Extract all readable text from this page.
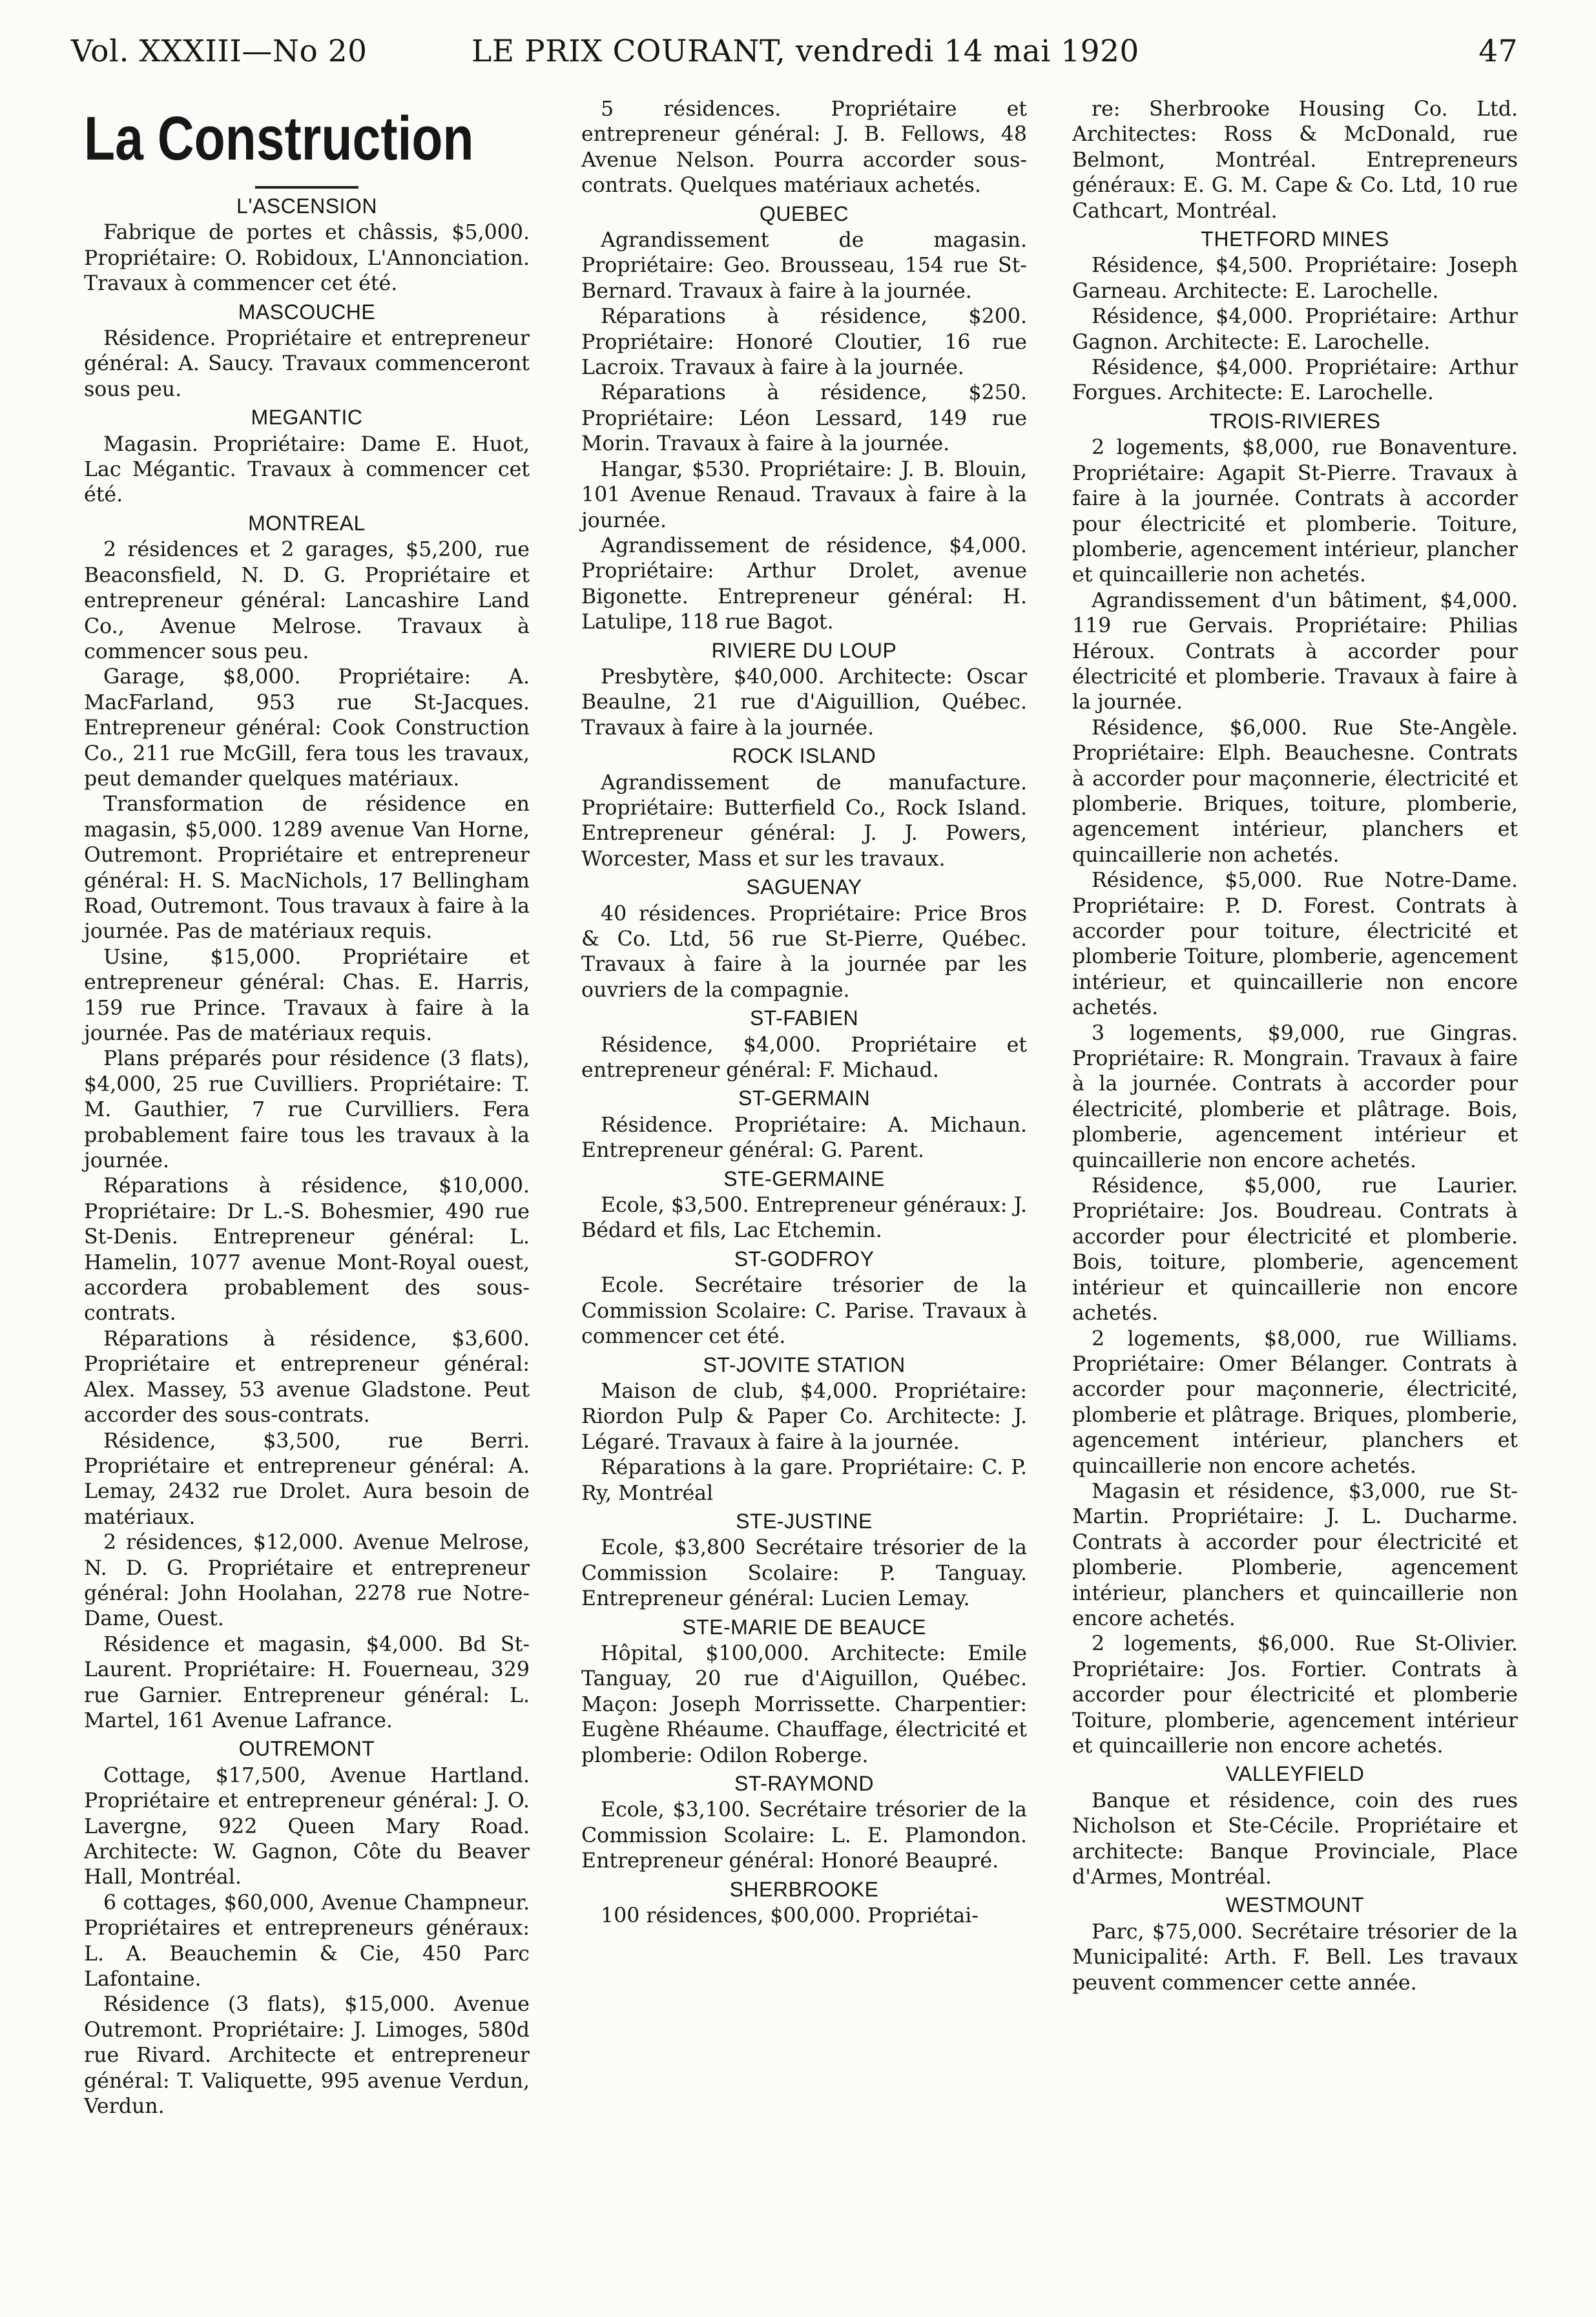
Vol. XXXIII—No 20	LE PRIX COURANT, vendredi 14 mai 1920	47
La Construction
L'ASCENSION

Fabrique de portes et châssis, $5,000. Propriétaire: O. Robidoux, L'Annonciation. Travaux à commencer cet été.

MASCOUCHE

Résidence. Propriétaire et entrepreneur général: A. Saucy. Travaux commenceront sous peu.

MEGANTIC

Magasin. Propriétaire: Dame E. Huot, Lac Mégantic. Travaux à commencer cet été.

MONTREAL

2 résidences et 2 garages, $5,200, rue Beaconsfield, N. D. G. Propriétaire et entrepreneur général: Lancashire Land Co., Avenue Melrose. Travaux à commencer sous peu.

Garage, $8,000. Propriétaire: A. MacFarland, 953 rue St-Jacques. Entrepreneur général: Cook Construction Co., 211 rue McGill, fera tous les travaux, peut demander quelques matériaux.

Transformation de résidence en magasin, $5,000. 1289 avenue Van Horne, Outremont. Propriétaire et entrepreneur général: H. S. MacNichols, 17 Bellingham Road, Outremont. Tous travaux à faire à la journée. Pas de matériaux requis.

Usine, $15,000. Propriétaire et entrepreneur général: Chas. E. Harris, 159 rue Prince. Travaux à faire à la journée. Pas de matériaux requis.

Plans préparés pour résidence (3 flats), $4,000, 25 rue Cuvilliers. Propriétaire: T. M. Gauthier, 7 rue Curvilliers. Fera probablement faire tous les travaux à la journée.

Réparations à résidence, $10,000. Propriétaire: Dr L.-S. Bohesmier, 490 rue St-Denis. Entrepreneur général: L. Hamelin, 1077 avenue Mont-Royal ouest, accordera probablement des sous-contrats.

Réparations à résidence, $3,600. Propriétaire et entrepreneur général: Alex. Massey, 53 avenue Gladstone. Peut accorder des sous-contrats.

Résidence, $3,500, rue Berri. Propriétaire et entrepreneur général: A. Lemay, 2432 rue Drolet. Aura besoin de matériaux.

2 résidences, $12,000. Avenue Melrose, N. D. G. Propriétaire et entrepreneur général: John Hoolahan, 2278 rue Notre-Dame, Ouest.

Résidence et magasin, $4,000. Bd St-Laurent. Propriétaire: H. Fouerneau, 329 rue Garnier. Entrepreneur général: L. Martel, 161 Avenue Lafrance.

OUTREMONT

Cottage, $17,500, Avenue Hartland. Propriétaire et entrepreneur général: J. O. Lavergne, 922 Queen Mary Road. Architecte: W. Gagnon, Côte du Beaver Hall, Montréal.

6 cottages, $60,000, Avenue Champneur. Propriétaires et entrepreneurs généraux: L. A. Beauchemin & Cie, 450 Parc Lafontaine.

Résidence (3 flats), $15,000. Avenue Outremont. Propriétaire: J. Limoges, 580d rue Rivard. Architecte et entrepreneur général: T. Valiquette, 995 avenue Verdun, Verdun.

5 résidences. Propriétaire et entrepreneur général: J. B. Fellows, 48 Avenue Nelson. Pourra accorder sous-contrats. Quelques matériaux achetés.

QUEBEC

Agrandissement de magasin. Propriétaire: Geo. Brousseau, 154 rue St-Bernard. Travaux à faire à la journée.

Réparations à résidence, $200. Propriétaire: Honoré Cloutier, 16 rue Lacroix. Travaux à faire à la journée.

Réparations à résidence, $250. Propriétaire: Léon Lessard, 149 rue Morin. Travaux à faire à la journée.

Hangar, $530. Propriétaire: J. B. Blouin, 101 Avenue Renaud. Travaux à faire à la journée.

Agrandissement de résidence, $4,000. Propriétaire: Arthur Drolet, avenue Bigonette. Entrepreneur général: H. Latulipe, 118 rue Bagot.

RIVIERE DU LOUP

Presbytère, $40,000. Architecte: Oscar Beaulne, 21 rue d'Aiguillion, Québec. Travaux à faire à la journée.

ROCK ISLAND

Agrandissement de manufacture. Propriétaire: Butterfield Co., Rock Island. Entrepreneur général: J. J. Powers, Worcester, Mass et sur les travaux.

SAGUENAY

40 résidences. Propriétaire: Price Bros & Co. Ltd, 56 rue St-Pierre, Québec. Travaux à faire à la journée par les ouvriers de la compagnie.

ST-FABIEN

Résidence, $4,000. Propriétaire et entrepreneur général: F. Michaud.

ST-GERMAIN

Résidence. Propriétaire: A. Michaun. Entrepreneur général: G. Parent.

STE-GERMAINE

Ecole, $3,500. Entrepreneur généraux: J. Bédard et fils, Lac Etchemin.

ST-GODFROY

Ecole. Secrétaire trésorier de la Commission Scolaire: C. Parise. Travaux à commencer cet été.

ST-JOVITE STATION

Maison de club, $4,000. Propriétaire: Riordon Pulp & Paper Co. Architecte: J. Légaré. Travaux à faire à la journée.

Réparations à la gare. Propriétaire: C. P. Ry, Montréal

STE-JUSTINE

Ecole, $3,800 Secrétaire trésorier de la Commission Scolaire: P. Tanguay. Entrepreneur général: Lucien Lemay.

STE-MARIE DE BEAUCE

Hôpital, $100,000. Architecte: Emile Tanguay, 20 rue d'Aiguillon, Québec. Maçon: Joseph Morrissette. Charpentier: Eugène Rhéaume. Chauffage, électricité et plomberie: Odilon Roberge.

ST-RAYMOND

Ecole, $3,100. Secrétaire trésorier de la Commission Scolaire: L. E. Plamondon. Entrepreneur général: Honoré Beaupré.

SHERBROOKE

100 résidences, $00,000. Propriétai-

re: Sherbrooke Housing Co. Ltd. Architectes: Ross & McDonald, rue Belmont, Montréal. Entrepreneurs généraux: E. G. M. Cape & Co. Ltd, 10 rue Cathcart, Montréal.

THETFORD MINES

Résidence, $4,500. Propriétaire: Joseph Garneau. Architecte: E. Larochelle.

Résidence, $4,000. Propriétaire: Arthur Gagnon. Architecte: E. Larochelle.

Résidence, $4,000. Propriétaire: Arthur Forgues. Architecte: E. Larochelle.

TROIS-RIVIERES

2 logements, $8,000, rue Bonaventure. Propriétaire: Agapit St-Pierre. Travaux à faire à la journée. Contrats à accorder pour électricité et plomberie. Toiture, plomberie, agencement intérieur, plancher et quincaillerie non achetés.

Agrandissement d'un bâtiment, $4,000. 119 rue Gervais. Propriétaire: Philias Héroux. Contrats à accorder pour électricité et plomberie. Travaux à faire à la journée.

Résidence, $6,000. Rue Ste-Angèle. Propriétaire: Elph. Beauchesne. Contrats à accorder pour maçonnerie, électricité et plomberie. Briques, toiture, plomberie, agencement intérieur, planchers et quincaillerie non achetés.

Résidence, $5,000. Rue Notre-Dame. Propriétaire: P. D. Forest. Contrats à accorder pour toiture, électricité et plomberie Toiture, plomberie, agencement intérieur, et quincaillerie non encore achetés.

3 logements, $9,000, rue Gingras. Propriétaire: R. Mongrain. Travaux à faire à la journée. Contrats à accorder pour électricité, plomberie et plâtrage. Bois, plomberie, agencement intérieur et quincaillerie non encore achetés.

Résidence, $5,000, rue Laurier. Propriétaire: Jos. Boudreau. Contrats à accorder pour électricité et plomberie. Bois, toiture, plomberie, agencement intérieur et quincaillerie non encore achetés.

2 logements, $8,000, rue Williams. Propriétaire: Omer Bélanger. Contrats à accorder pour maçonnerie, électricité, plomberie et plâtrage. Briques, plomberie, agencement intérieur, planchers et quincaillerie non encore achetés.

Magasin et résidence, $3,000, rue St-Martin. Propriétaire: J. L. Ducharme. Contrats à accorder pour électricité et plomberie. Plomberie, agencement intérieur, planchers et quincaillerie non encore achetés.

2 logements, $6,000. Rue St-Olivier. Propriétaire: Jos. Fortier. Contrats à accorder pour électricité et plomberie Toiture, plomberie, agencement intérieur et quincaillerie non encore achetés.

VALLEYFIELD

Banque et résidence, coin des rues Nicholson et Ste-Cécile. Propriétaire et architecte: Banque Provinciale, Place d'Armes, Montréal.

WESTMOUNT

Parc, $75,000. Secrétaire trésorier de la Municipalité: Arth. F. Bell. Les travaux peuvent commencer cette année.
